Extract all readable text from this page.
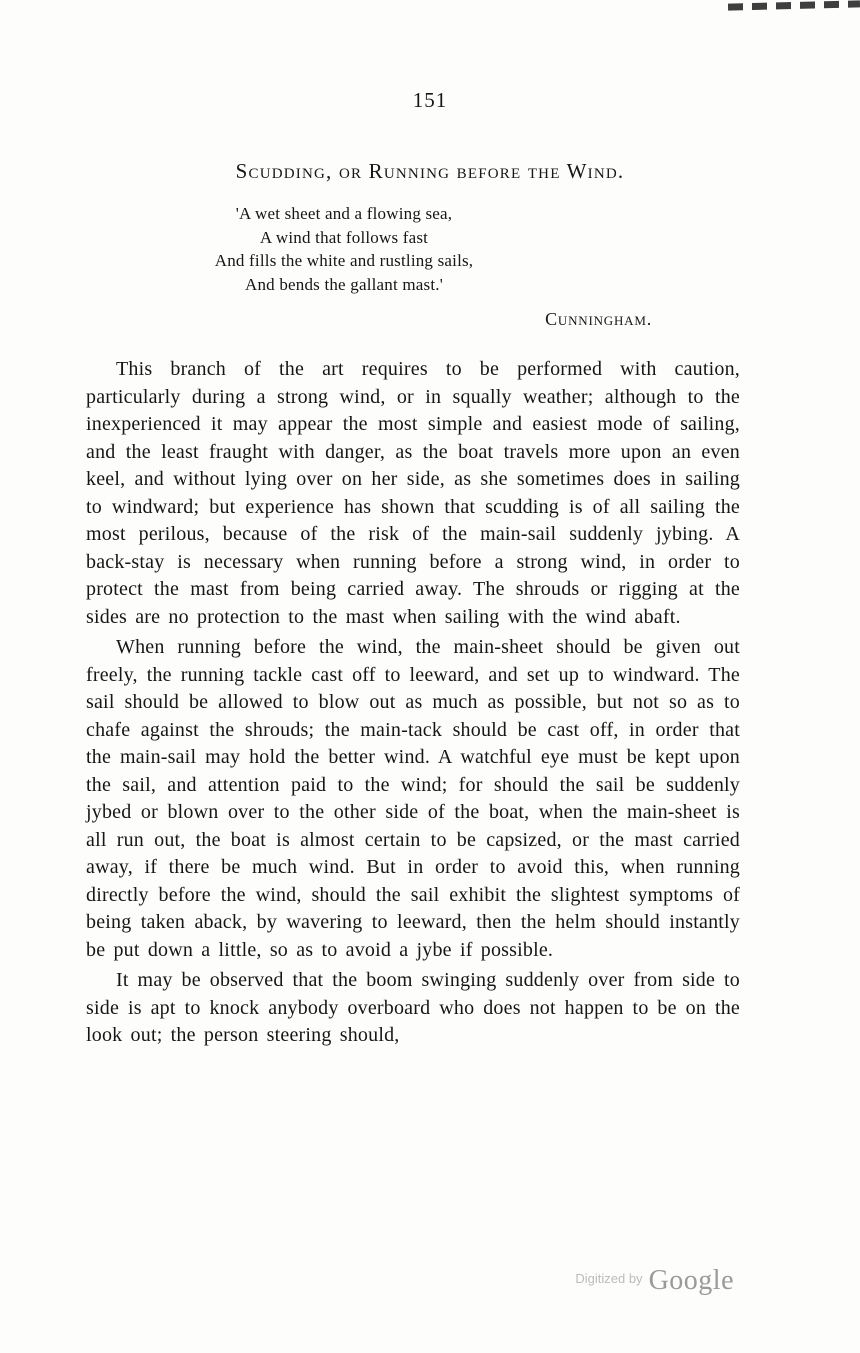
151
Scudding, or Running before the Wind.
'A wet sheet and a flowing sea,
A wind that follows fast
And fills the white and rustling sails,
And bends the gallant mast.'
Cunningham.

This branch of the art requires to be performed with caution, particularly during a strong wind, or in squally weather; although to the inexperienced it may appear the most simple and easiest mode of sailing, and the least fraught with danger, as the boat travels more upon an even keel, and without lying over on her side, as she sometimes does in sailing to windward; but experience has shown that scudding is of all sailing the most perilous, because of the risk of the main-sail suddenly jybing. A back-stay is necessary when running before a strong wind, in order to protect the mast from being carried away. The shrouds or rigging at the sides are no protection to the mast when sailing with the wind abaft.

When running before the wind, the main-sheet should be given out freely, the running tackle cast off to leeward, and set up to windward. The sail should be allowed to blow out as much as possible, but not so as to chafe against the shrouds; the main-tack should be cast off, in order that the main-sail may hold the better wind. A watchful eye must be kept upon the sail, and attention paid to the wind; for should the sail be suddenly jybed or blown over to the other side of the boat, when the main-sheet is all run out, the boat is almost certain to be capsized, or the mast carried away, if there be much wind. But in order to avoid this, when running directly before the wind, should the sail exhibit the slightest symptoms of being taken aback, by wavering to leeward, then the helm should instantly be put down a little, so as to avoid a jybe if possible.

It may be observed that the boom swinging suddenly over from side to side is apt to knock anybody overboard who does not happen to be on the look out; the person steering should,

$^{Digitized by}$ Google
